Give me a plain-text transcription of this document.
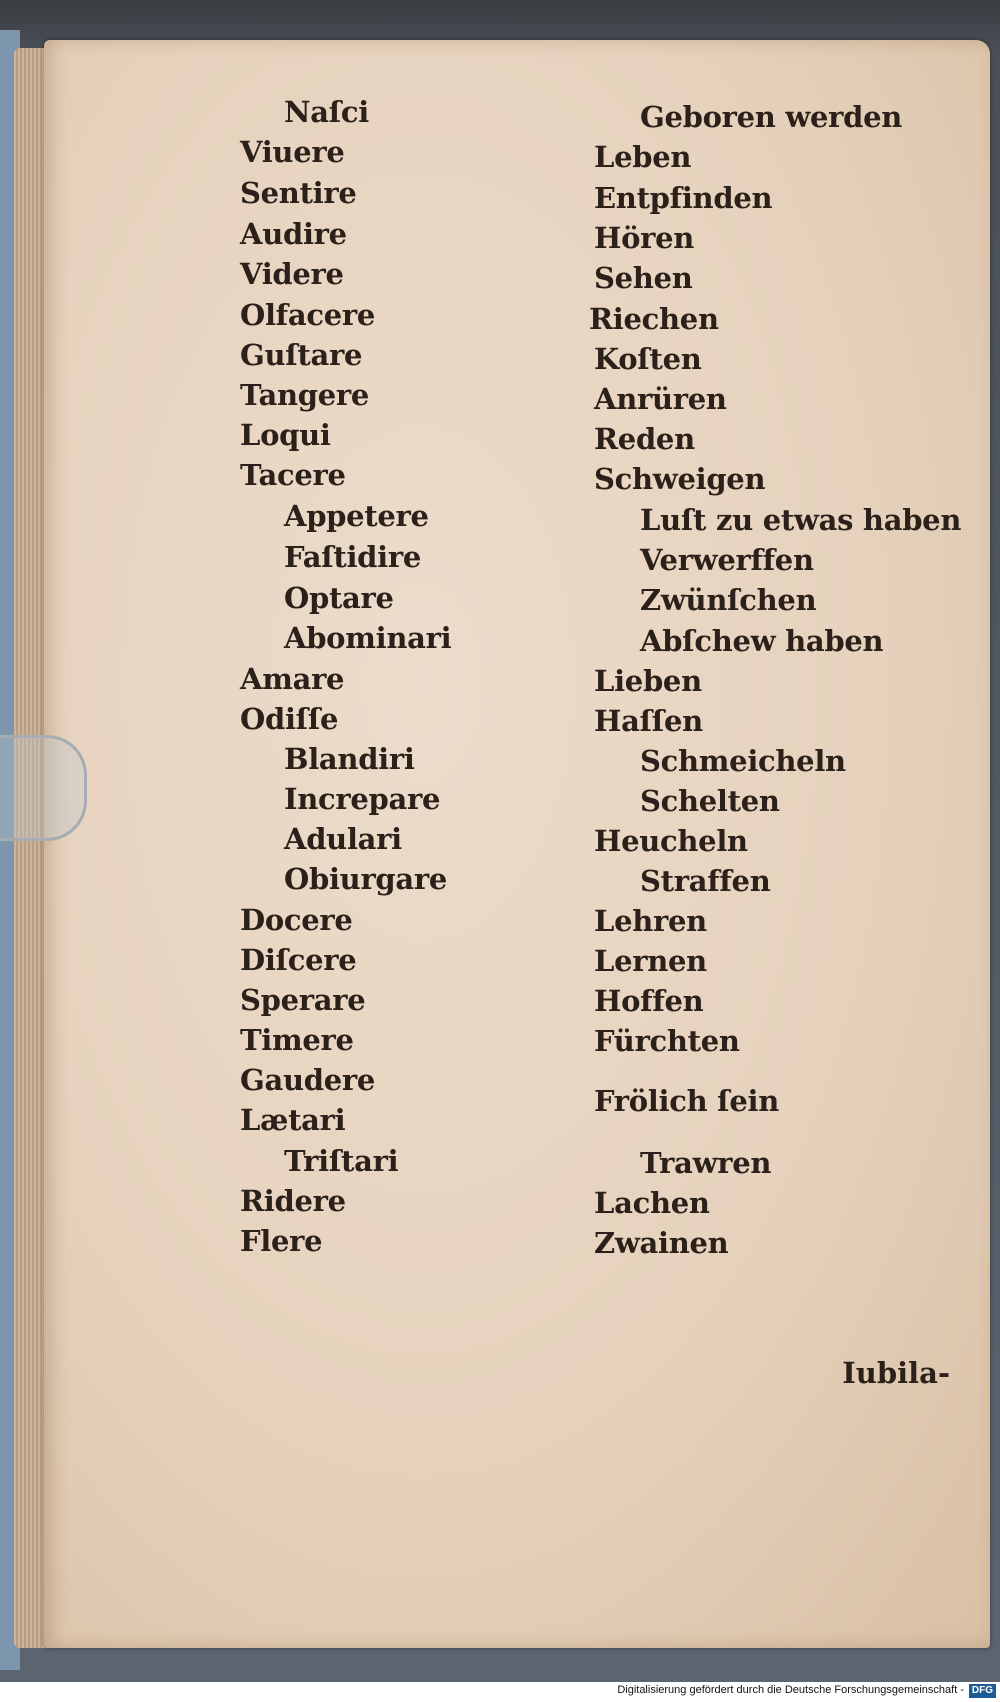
Naſci

Viuere

Sentire

Audire

Videre

Olfacere

Guſtare

Tangere

Loqui

Tacere

Appetere

Faſtidire

Optare

Abominari

Amare

Odiſſe

Blandiri

Increpare

Adulari

Obiurgare

Docere

Diſcere

Sperare

Timere

Gaudere

Lætari

Triſtari

Ridere

Flere

Geboren werden

Leben

Entpfinden

Hören

Sehen

Riechen

Koſten

Anrüren

Reden

Schweigen

Luſt zu etwas haben

Verwerffen

Zwünſchen

Abſchew haben

Lieben

Haſſen

Schmeicheln

Schelten

Heucheln

Straffen

Lehren

Lernen

Hoffen

Fürchten

Frölich ſein

Trawren

Lachen

Zwainen

Iubila-

Digitalisierung gefördert durch die Deutsche Forschungsgemeinschaft - DFG
